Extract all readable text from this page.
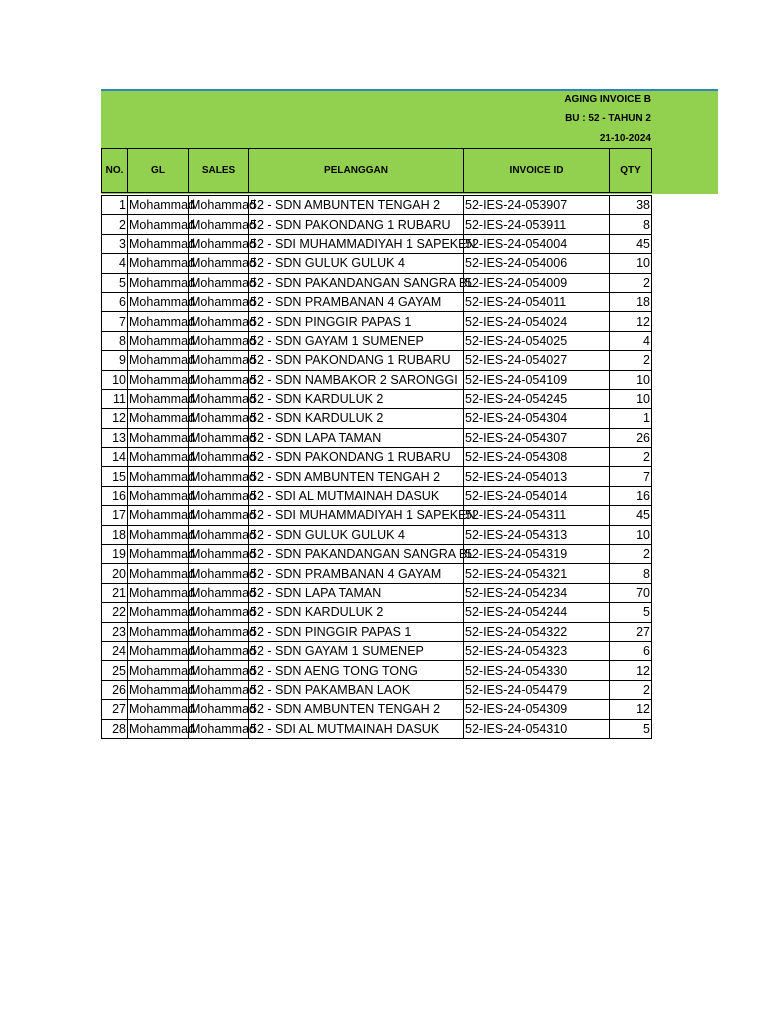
AGING INVOICE B
BU : 52 - TAHUN 2
21-10-2024
NO.	GL	SALES	PELANGGAN	INVOICE ID	QTY

1	Mohammad	Mohammad	52 - SDN AMBUNTEN TENGAH 2	52-IES-24-053907	38
2	Mohammad	Mohammad	52 - SDN PAKONDANG 1 RUBARU	52-IES-24-053911	8
3	Mohammad	Mohammad	52 - SDI MUHAMMADIYAH 1 SAPEKEN	52-IES-24-054004	45
4	Mohammad	Mohammad	52 - SDN GULUK GULUK 4	52-IES-24-054006	10
5	Mohammad	Mohammad	52 - SDN PAKANDANGAN SANGRA BL	52-IES-24-054009	2
6	Mohammad	Mohammad	52 - SDN PRAMBANAN 4 GAYAM	52-IES-24-054011	18
7	Mohammad	Mohammad	52 - SDN PINGGIR PAPAS 1	52-IES-24-054024	12
8	Mohammad	Mohammad	52 - SDN GAYAM 1 SUMENEP	52-IES-24-054025	4
9	Mohammad	Mohammad	52 - SDN PAKONDANG 1 RUBARU	52-IES-24-054027	2
10	Mohammad	Mohammad	52 - SDN NAMBAKOR 2 SARONGGI	52-IES-24-054109	10
11	Mohammad	Mohammad	52 - SDN KARDULUK 2	52-IES-24-054245	10
12	Mohammad	Mohammad	52 - SDN KARDULUK 2	52-IES-24-054304	1
13	Mohammad	Mohammad	52 - SDN LAPA TAMAN	52-IES-24-054307	26
14	Mohammad	Mohammad	52 - SDN PAKONDANG 1 RUBARU	52-IES-24-054308	2
15	Mohammad	Mohammad	52 - SDN AMBUNTEN TENGAH 2	52-IES-24-054013	7
16	Mohammad	Mohammad	52 - SDI AL MUTMAINAH DASUK	52-IES-24-054014	16
17	Mohammad	Mohammad	52 - SDI MUHAMMADIYAH 1 SAPEKEN	52-IES-24-054311	45
18	Mohammad	Mohammad	52 - SDN GULUK GULUK 4	52-IES-24-054313	10
19	Mohammad	Mohammad	52 - SDN PAKANDANGAN SANGRA BL	52-IES-24-054319	2
20	Mohammad	Mohammad	52 - SDN PRAMBANAN 4 GAYAM	52-IES-24-054321	8
21	Mohammad	Mohammad	52 - SDN LAPA TAMAN	52-IES-24-054234	70
22	Mohammad	Mohammad	52 - SDN KARDULUK 2	52-IES-24-054244	5
23	Mohammad	Mohammad	52 - SDN PINGGIR PAPAS 1	52-IES-24-054322	27
24	Mohammad	Mohammad	52 - SDN GAYAM 1 SUMENEP	52-IES-24-054323	6
25	Mohammad	Mohammad	52 - SDN AENG TONG TONG	52-IES-24-054330	12
26	Mohammad	Mohammad	52 - SDN PAKAMBAN LAOK	52-IES-24-054479	2
27	Mohammad	Mohammad	52 - SDN AMBUNTEN TENGAH 2	52-IES-24-054309	12
28	Mohammad	Mohammad	52 - SDI AL MUTMAINAH DASUK	52-IES-24-054310	5
